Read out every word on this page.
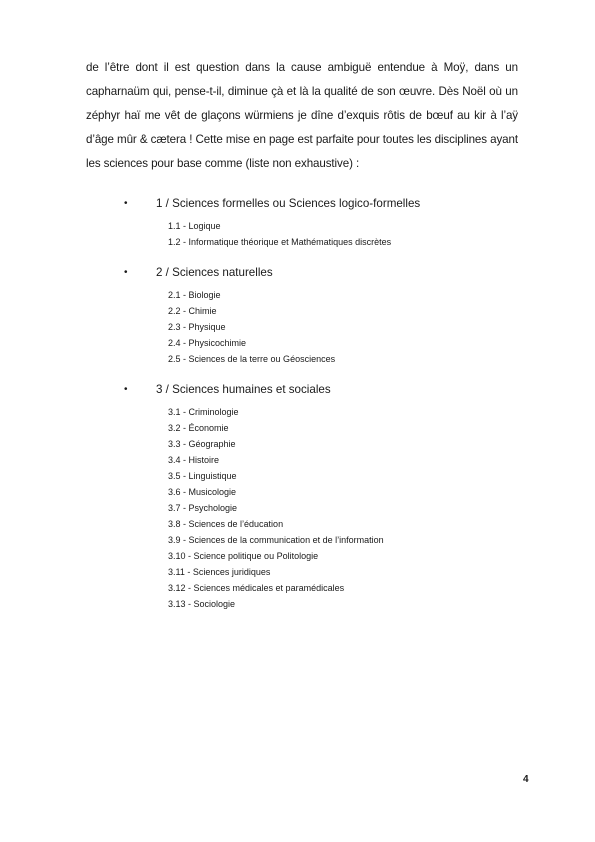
de l’être dont il est question dans la cause ambiguë entendue à Moÿ, dans un capharnaüm qui, pense-t-il, diminue çà et là la qualité de son œuvre. Dès Noël où un zéphyr haï me vêt de glaçons würmiens je dîne d’exquis rôtis de bœuf au kir à l’aÿ d’âge mûr & cætera ! Cette mise en page est parfaite pour toutes les disciplines ayant les sciences pour base comme (liste non exhaustive) :

•	1 / Sciences formelles ou Sciences logico-formelles
1.1 - Logique
1.2 - Informatique théorique et Mathématiques discrètes
•	2 / Sciences naturelles
2.1 - Biologie
2.2 - Chimie
2.3 - Physique
2.4 - Physicochimie
2.5 - Sciences de la terre ou Géosciences
•	3 / Sciences humaines et sociales
3.1 - Criminologie
3.2 - Économie
3.3 - Géographie
3.4 - Histoire
3.5 - Linguistique
3.6 - Musicologie
3.7 - Psychologie
3.8 - Sciences de l’éducation
3.9 - Sciences de la communication et de l’information
3.10 - Science politique ou Politologie
3.11 - Sciences juridiques
3.12 - Sciences médicales et paramédicales
3.13 - Sociologie
4
